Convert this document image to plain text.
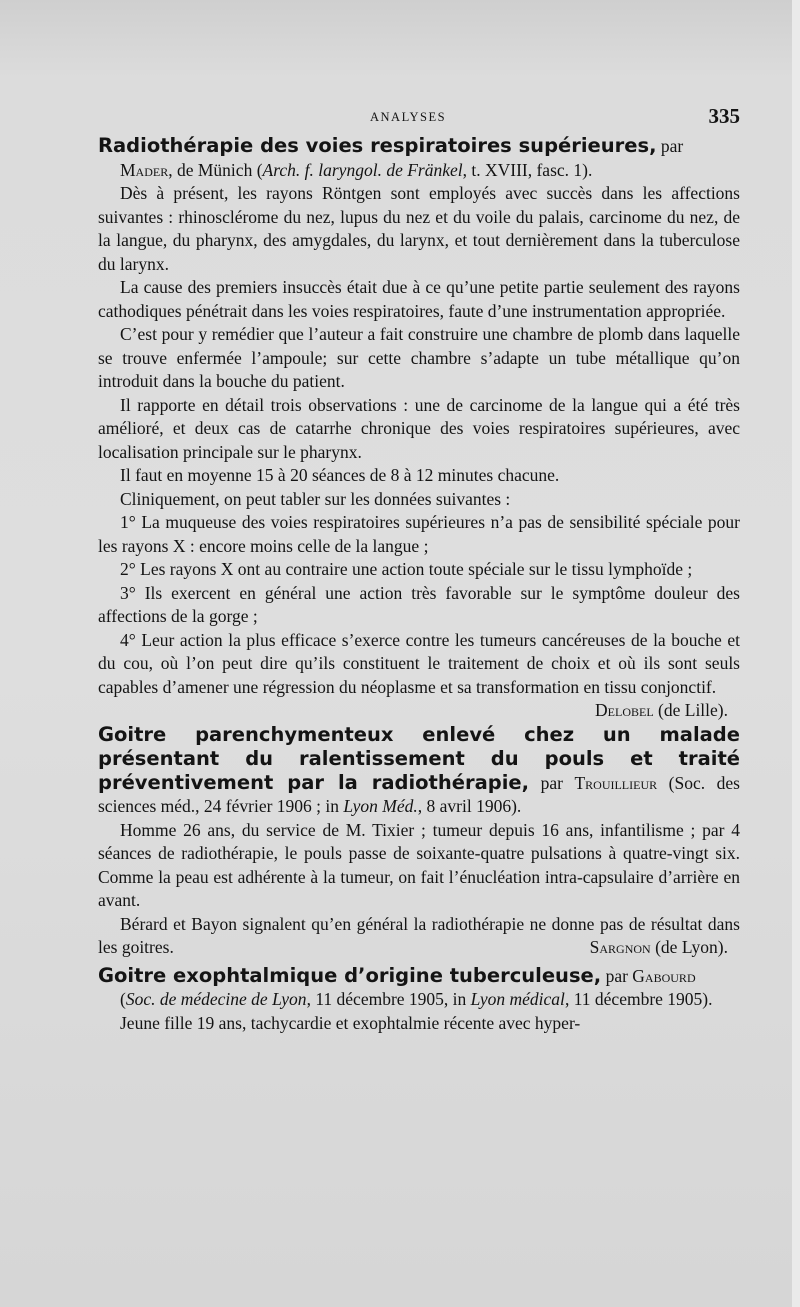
ANALYSES	335
Radiothérapie des voies respiratoires supérieures, par
Mader, de Münich (Arch. f. laryngol. de Fränkel, t. XVIII, fasc. 1).

Dès à présent, les rayons Röntgen sont employés avec succès dans les affections suivantes : rhinosclérome du nez, lupus du nez et du voile du palais, carcinome du nez, de la langue, du pharynx, des amygdales, du larynx, et tout dernièrement dans la tuberculose du larynx.

La cause des premiers insuccès était due à ce qu’une petite partie seulement des rayons cathodiques pénétrait dans les voies respiratoires, faute d’une instrumentation appropriée.

C’est pour y remédier que l’auteur a fait construire une chambre de plomb dans laquelle se trouve enfermée l’ampoule; sur cette chambre s’adapte un tube métallique qu’on introduit dans la bouche du patient.

Il rapporte en détail trois observations : une de carcinome de la langue qui a été très amélioré, et deux cas de catarrhe chronique des voies respiratoires supérieures, avec localisation principale sur le pharynx.

Il faut en moyenne 15 à 20 séances de 8 à 12 minutes chacune.

Cliniquement, on peut tabler sur les données suivantes :

1° La muqueuse des voies respiratoires supérieures n’a pas de sensibilité spéciale pour les rayons X : encore moins celle de la langue ;

2° Les rayons X ont au contraire une action toute spéciale sur le tissu lymphoïde ;

3° Ils exercent en général une action très favorable sur le symptôme douleur des affections de la gorge ;

4° Leur action la plus efficace s’exerce contre les tumeurs cancéreuses de la bouche et du cou, où l’on peut dire qu’ils constituent le traitement de choix et où ils sont seuls capables d’amener une régression du néoplasme et sa transformation en tissu conjonctif.

Delobel (de Lille).
Goitre parenchymenteux enlevé chez un malade présentant du ralentissement du pouls et traité préventivement par la radiothérapie, par Trouillieur (Soc. des sciences méd., 24 février 1906 ; in Lyon Méd., 8 avril 1906).

Homme 26 ans, du service de M. Tixier ; tumeur depuis 16 ans, infantilisme ; par 4 séances de radiothérapie, le pouls passe de soixante-quatre pulsations à quatre-vingt six. Comme la peau est adhérente à la tumeur, on fait l’énucléation intra-capsulaire d’arrière en avant.

Bérard et Bayon signalent qu’en général la radiothérapie ne donne pas de résultat dans les goitres.	Sargnon (de Lyon).

Goitre exophtalmique d’origine tuberculeuse, par Gabourd
(Soc. de médecine de Lyon, 11 décembre 1905, in Lyon médical, 11 décembre 1905).

Jeune fille 19 ans, tachycardie et exophtalmie récente avec hyper-
